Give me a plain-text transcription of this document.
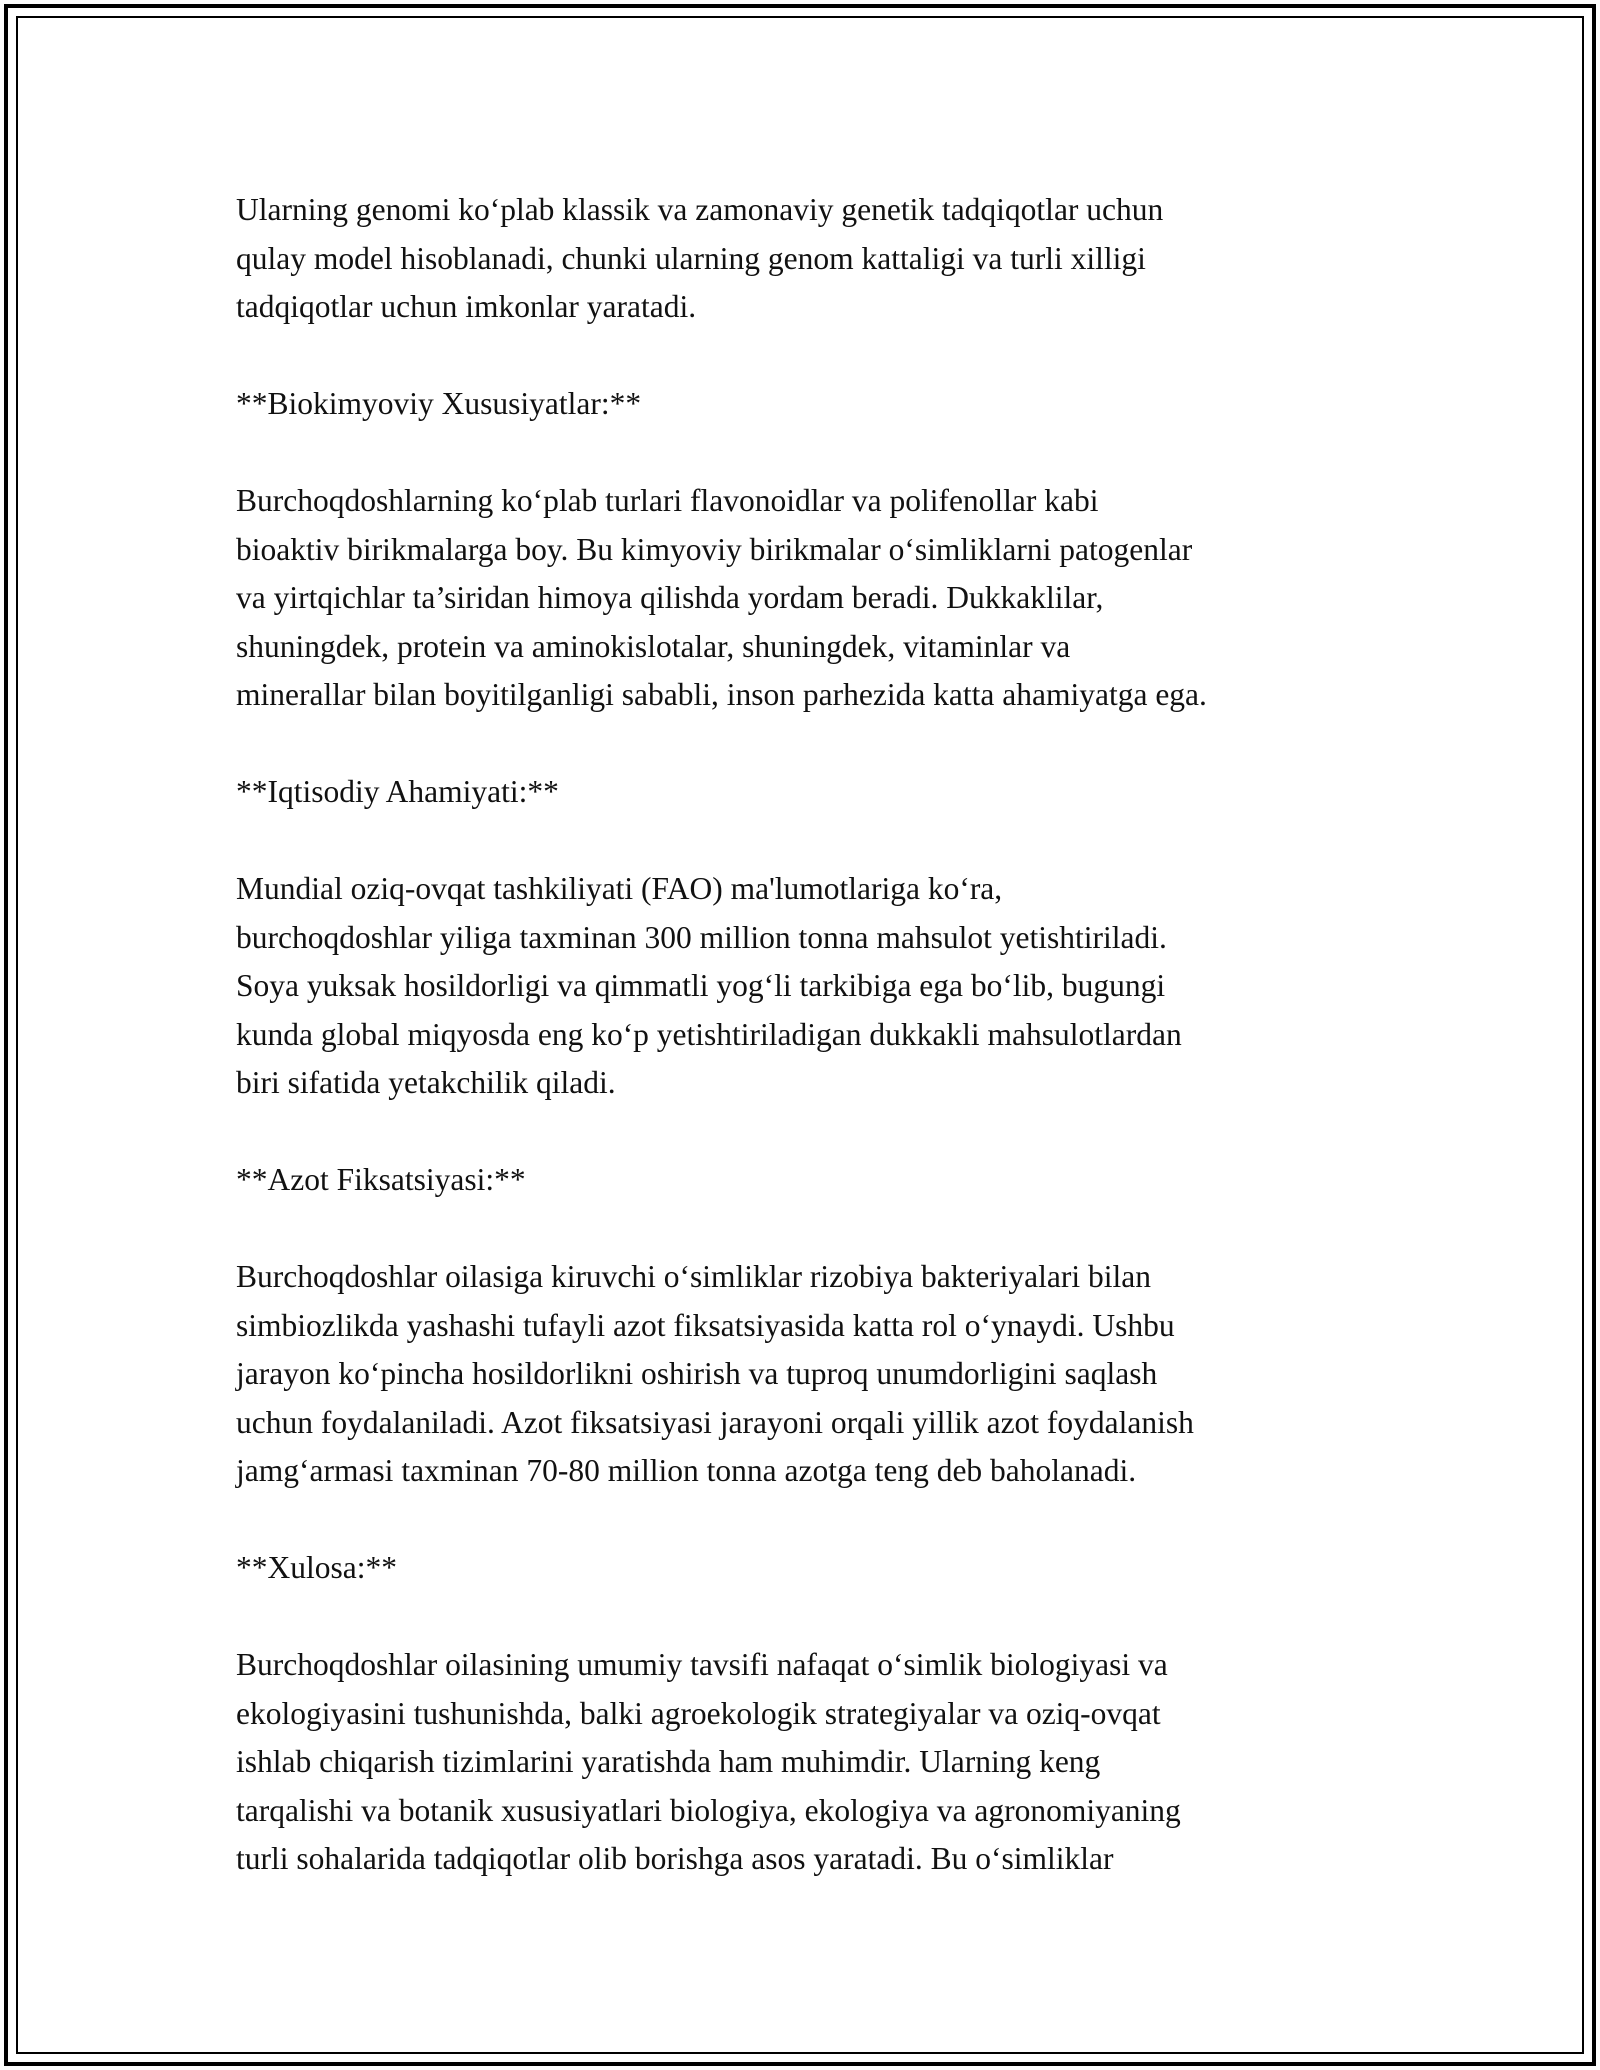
Ularning genomi ko‘plab klassik va zamonaviy genetik tadqiqotlar uchun
qulay model hisoblanadi, chunki ularning genom kattaligi va turli xilligi
tadqiqotlar uchun imkonlar yaratadi.

**Biokimyoviy Xususiyatlar:**

Burchoqdoshlarning ko‘plab turlari flavonoidlar va polifenollar kabi
bioaktiv birikmalarga boy. Bu kimyoviy birikmalar o‘simliklarni patogenlar
va yirtqichlar ta’siridan himoya qilishda yordam beradi. Dukkaklilar,
shuningdek, protein va aminokislotalar, shuningdek, vitaminlar va
minerallar bilan boyitilganligi sababli, inson parhezida katta ahamiyatga ega.

**Iqtisodiy Ahamiyati:**

Mundial oziq-ovqat tashkiliyati (FAO) ma'lumotlariga ko‘ra,
burchoqdoshlar yiliga taxminan 300 million tonna mahsulot yetishtiriladi.
Soya yuksak hosildorligi va qimmatli yog‘li tarkibiga ega bo‘lib, bugungi
kunda global miqyosda eng ko‘p yetishtiriladigan dukkakli mahsulotlardan
biri sifatida yetakchilik qiladi.

**Azot Fiksatsiyasi:**

Burchoqdoshlar oilasiga kiruvchi o‘simliklar rizobiya bakteriyalari bilan
simbiozlikda yashashi tufayli azot fiksatsiyasida katta rol o‘ynaydi. Ushbu
jarayon ko‘pincha hosildorlikni oshirish va tuproq unumdorligini saqlash
uchun foydalaniladi. Azot fiksatsiyasi jarayoni orqali yillik azot foydalanish
jamg‘armasi taxminan 70-80 million tonna azotga teng deb baholanadi.

**Xulosa:**

Burchoqdoshlar oilasining umumiy tavsifi nafaqat o‘simlik biologiyasi va
ekologiyasini tushunishda, balki agroekologik strategiyalar va oziq-ovqat
ishlab chiqarish tizimlarini yaratishda ham muhimdir. Ularning keng
tarqalishi va botanik xususiyatlari biologiya, ekologiya va agronomiyaning
turli sohalarida tadqiqotlar olib borishga asos yaratadi. Bu o‘simliklar
